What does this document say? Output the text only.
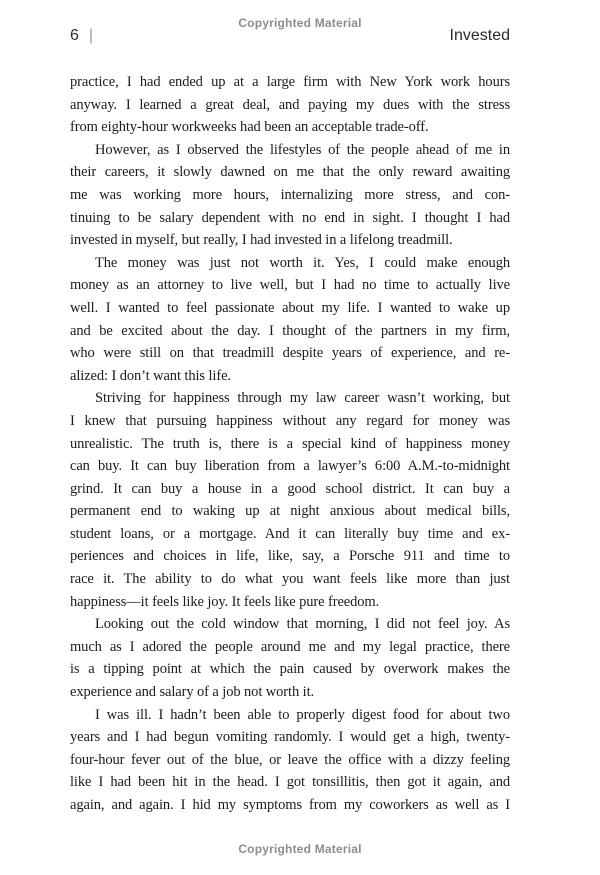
Copyrighted Material
6 |	Invested
practice, I had ended up at a large firm with New York work hours
anyway. I learned a great deal, and paying my dues with the stress
from eighty-hour workweeks had been an acceptable trade-off.
However, as I observed the lifestyles of the people ahead of me in
their careers, it slowly dawned on me that the only reward awaiting
me was working more hours, internalizing more stress, and con-
tinuing to be salary dependent with no end in sight. I thought I had
invested in myself, but really, I had invested in a lifelong treadmill.
The money was just not worth it. Yes, I could make enough
money as an attorney to live well, but I had no time to actually live
well. I wanted to feel passionate about my life. I wanted to wake up
and be excited about the day. I thought of the partners in my firm,
who were still on that treadmill despite years of experience, and re-
alized: I don’t want this life.
Striving for happiness through my law career wasn’t working, but
I knew that pursuing happiness without any regard for money was
unrealistic. The truth is, there is a special kind of happiness money
can buy. It can buy liberation from a lawyer’s 6:00 A.M.-to-midnight
grind. It can buy a house in a good school district. It can buy a
permanent end to waking up at night anxious about medical bills,
student loans, or a mortgage. And it can literally buy time and ex-
periences and choices in life, like, say, a Porsche 911 and time to
race it. The ability to do what you want feels like more than just
happiness—it feels like joy. It feels like pure freedom.
Looking out the cold window that morning, I did not feel joy. As
much as I adored the people around me and my legal practice, there
is a tipping point at which the pain caused by overwork makes the
experience and salary of a job not worth it.
I was ill. I hadn’t been able to properly digest food for about two
years and I had begun vomiting randomly. I would get a high, twenty-
four-hour fever out of the blue, or leave the office with a dizzy feeling
like I had been hit in the head. I got tonsillitis, then got it again, and
again, and again. I hid my symptoms from my coworkers as well as I
Copyrighted Material
